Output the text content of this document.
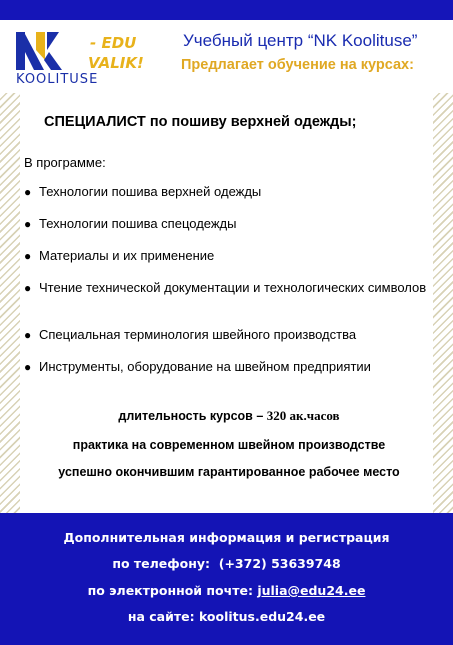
- EDU
VALIK!
KOOLITUSE
Учебный центр “NK Koolituse”
Предлагает обучение на курсах:
СПЕЦИАЛИСТ по пошиву верхней одежды;
В программе:
● Технологии пошива верхней одежды
● Технологии пошива спецодежды
● Материалы и их применение
● Чтение технической документации и технологических символов
● Специальная терминология швейного производства
● Инструменты, оборудование на швейном предприятии
длительность курсов – 320 ак.часов
практика на современном швейном производстве
успешно окончившим гарантированное рабочее место
Дополнительная информация и регистрация
по телефону: (+372) 53639748
по электронной почте: julia@edu24.ee
на сайте: koolitus.edu24.ee
